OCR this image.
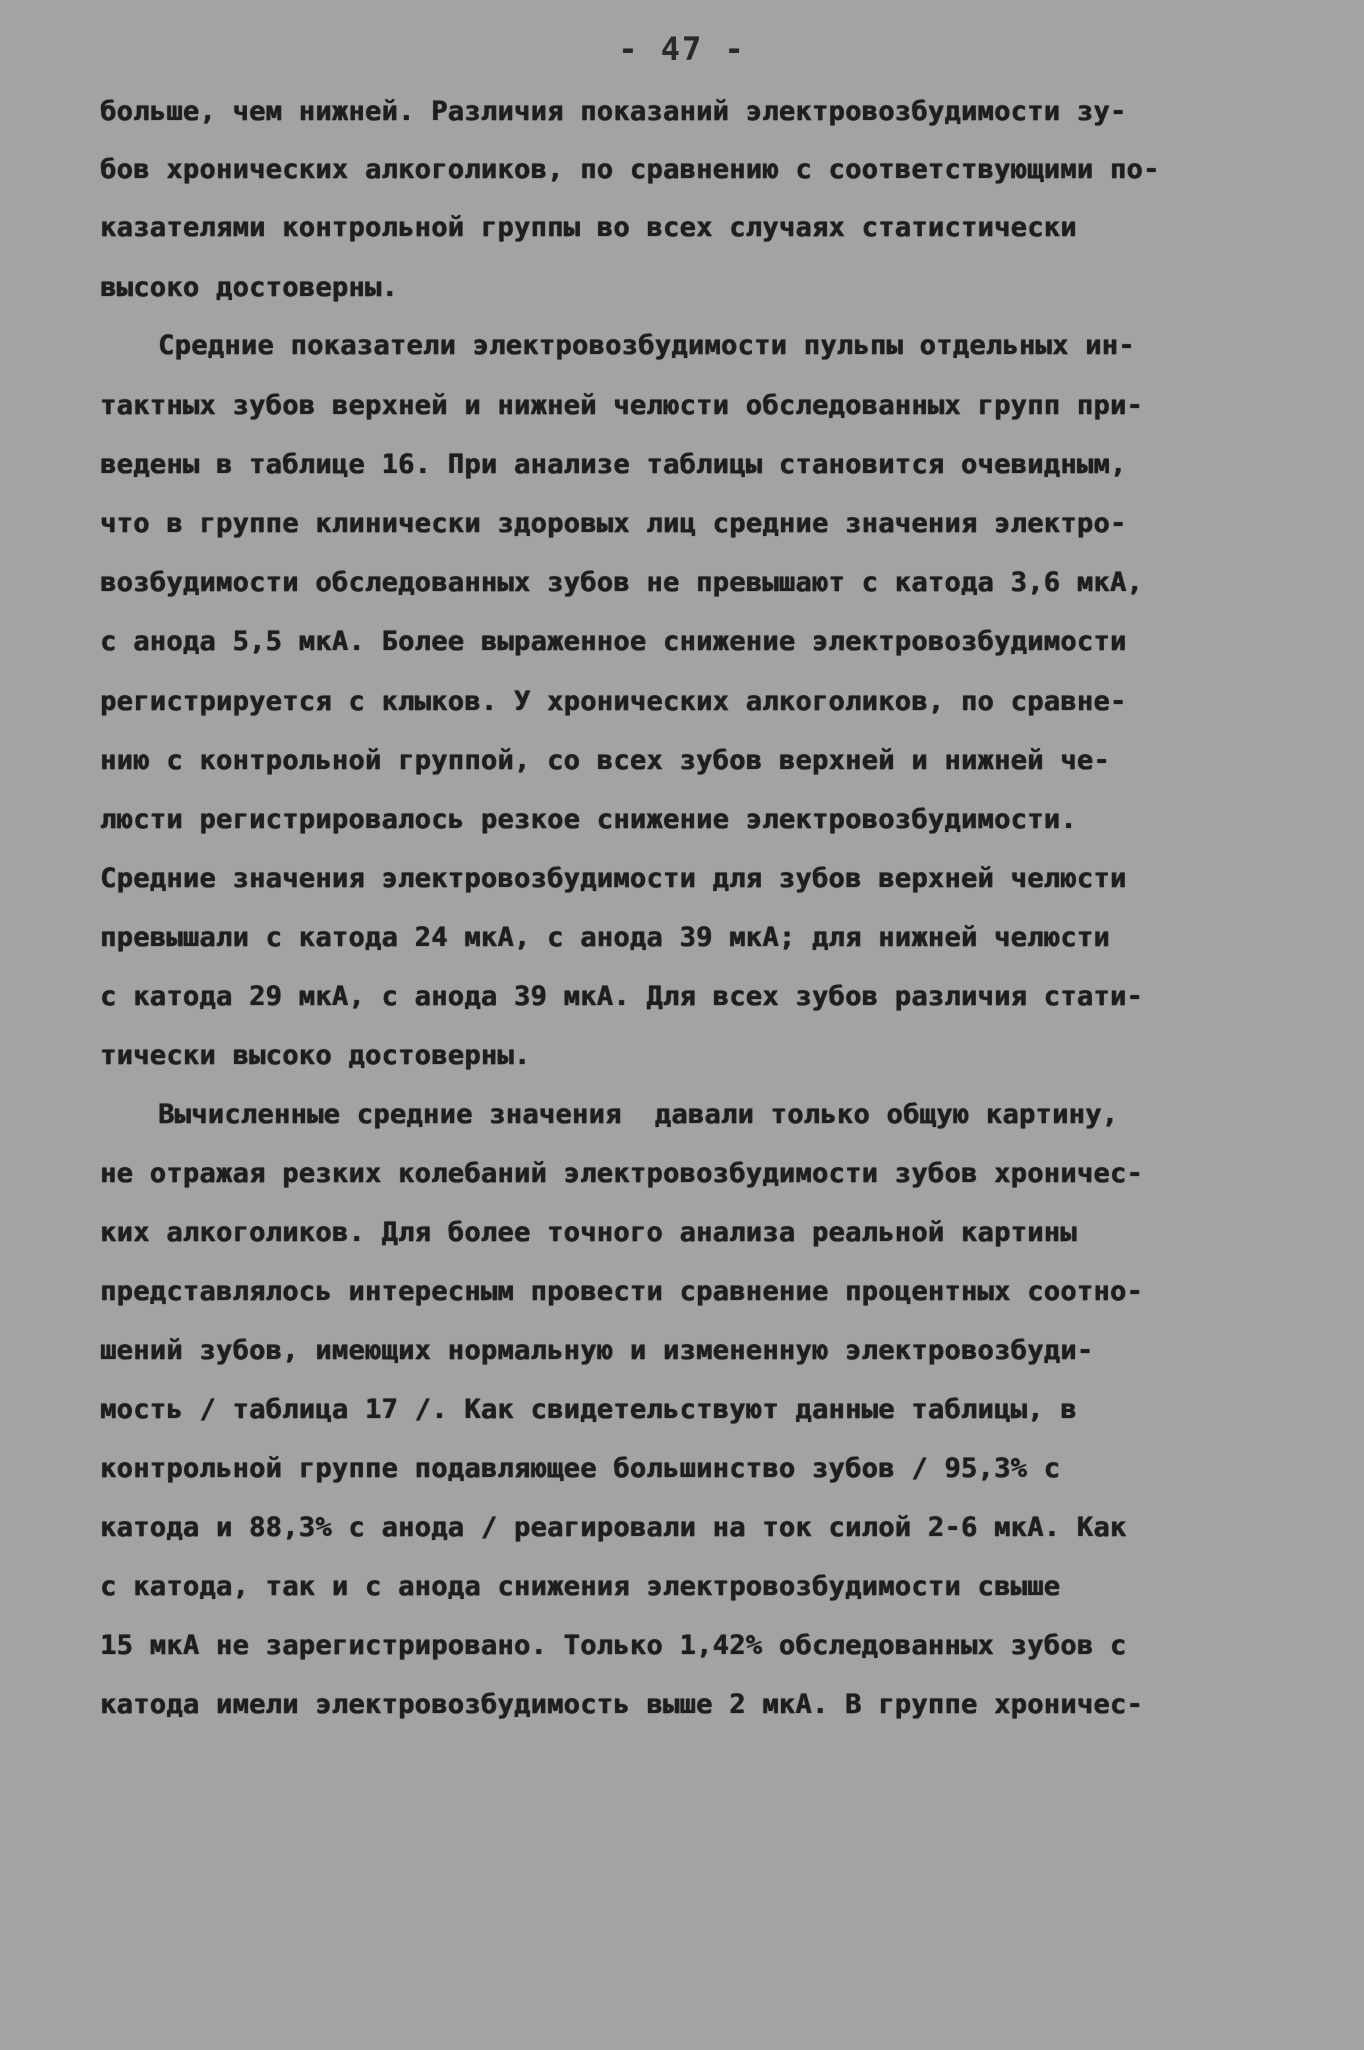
- 47 -
больше, чем нижней. Различия показаний электровозбудимости зу-
бов хронических алкоголиков, по сравнению с соответствующими по-
казателями контрольной группы во всех случаях статистически
высоко достоверны.
Средние показатели электровозбудимости пульпы отдельных ин-
тактных зубов верхней и нижней челюсти обследованных групп при-
ведены в таблице 16. При анализе таблицы становится очевидным,
что в группе клинически здоровых лиц средние значения электро-
возбудимости обследованных зубов не превышают с катода 3,6 мкА,
с анода 5,5 мкА. Более выраженное снижение электровозбудимости
регистрируется с клыков. У хронических алкоголиков, по сравне-
нию с контрольной группой, со всех зубов верхней и нижней че-
люсти регистрировалось резкое снижение электровозбудимости.
Средние значения электровозбудимости для зубов верхней челюсти
превышали с катода 24 мкА, с анода 39 мкА; для нижней челюсти
с катода 29 мкА, с анода 39 мкА. Для всех зубов различия стати-
тически высоко достоверны.
Вычисленные средние значения  давали только общую картину,
не отражая резких колебаний электровозбудимости зубов хроничес-
ких алкоголиков. Для более точного анализа реальной картины
представлялось интересным провести сравнение процентных соотно-
шений зубов, имеющих нормальную и измененную электровозбуди-
мость / таблица 17 /. Как свидетельствуют данные таблицы, в
контрольной группе подавляющее большинство зубов / 95,3% с
катода и 88,3% с анода / реагировали на ток силой 2-6 мкА. Как
с катода, так и с анода снижения электровозбудимости свыше
15 мкА не зарегистрировано. Только 1,42% обследованных зубов с
катода имели электровозбудимость выше 2 мкА. В группе хроничес-
